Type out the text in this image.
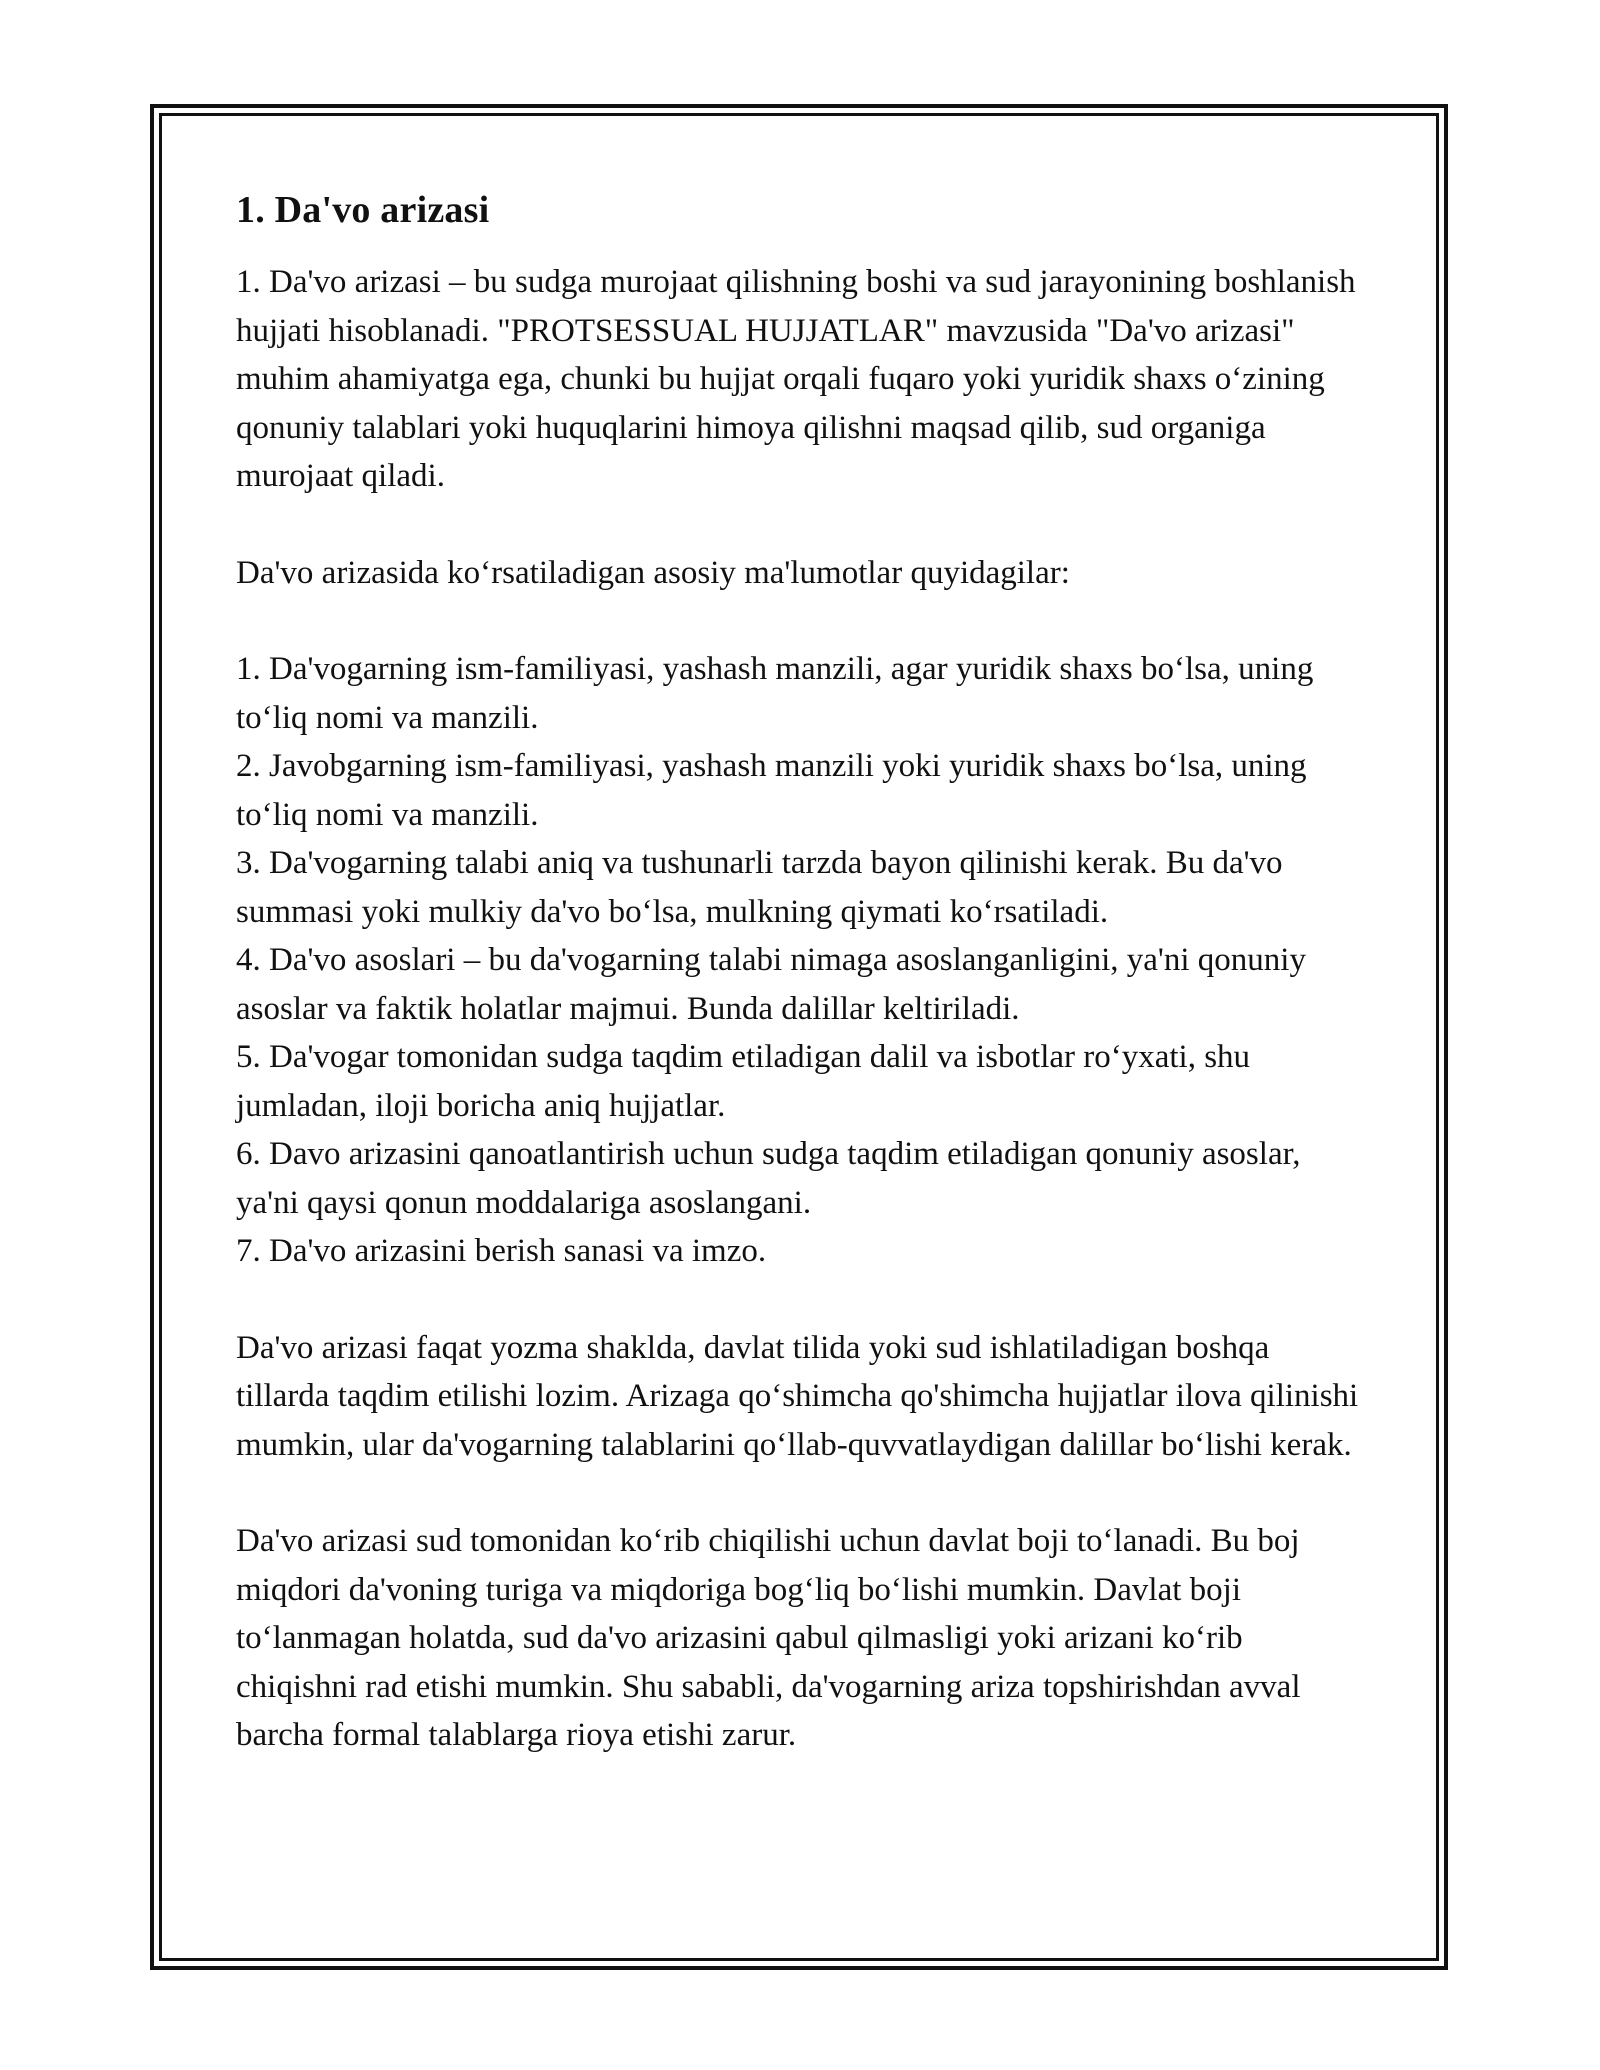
1. Da'vo arizasi

1. Da'vo arizasi – bu sudga murojaat qilishning boshi va sud jarayonining boshlanish hujjati hisoblanadi. "PROTSESSUAL HUJJATLAR" mavzusida "Da'vo arizasi" muhim ahamiyatga ega, chunki bu hujjat orqali fuqaro yoki yuridik shaxs o‘zining qonuniy talablari yoki huquqlarini himoya qilishni maqsad qilib, sud organiga murojaat qiladi.

Da'vo arizasida ko‘rsatiladigan asosiy ma'lumotlar quyidagilar:

1. Da'vogarning ism-familiyasi, yashash manzili, agar yuridik shaxs bo‘lsa, uning to‘liq nomi va manzili.

2. Javobgarning ism-familiyasi, yashash manzili yoki yuridik shaxs bo‘lsa, uning to‘liq nomi va manzili.

3. Da'vogarning talabi aniq va tushunarli tarzda bayon qilinishi kerak. Bu da'vo summasi yoki mulkiy da'vo bo‘lsa, mulkning qiymati ko‘rsatiladi.

4. Da'vo asoslari – bu da'vogarning talabi nimaga asoslanganligini, ya'ni qonuniy asoslar va faktik holatlar majmui. Bunda dalillar keltiriladi.

5. Da'vogar tomonidan sudga taqdim etiladigan dalil va isbotlar ro‘yxati, shu jumladan, iloji boricha aniq hujjatlar.

6. Davo arizasini qanoatlantirish uchun sudga taqdim etiladigan qonuniy asoslar, ya'ni qaysi qonun moddalariga asoslangani.

7. Da'vo arizasini berish sanasi va imzo.

Da'vo arizasi faqat yozma shaklda, davlat tilida yoki sud ishlatiladigan boshqa tillarda taqdim etilishi lozim. Arizaga qo‘shimcha qo'shimcha hujjatlar ilova qilinishi mumkin, ular da'vogarning talablarini qo‘llab-quvvatlaydigan dalillar bo‘lishi kerak.

Da'vo arizasi sud tomonidan ko‘rib chiqilishi uchun davlat boji to‘lanadi. Bu boj miqdori da'voning turiga va miqdoriga bog‘liq bo‘lishi mumkin. Davlat boji to‘lanmagan holatda, sud da'vo arizasini qabul qilmasligi yoki arizani ko‘rib chiqishni rad etishi mumkin. Shu sababli, da'vogarning ariza topshirishdan avval barcha formal talablarga rioya etishi zarur.
